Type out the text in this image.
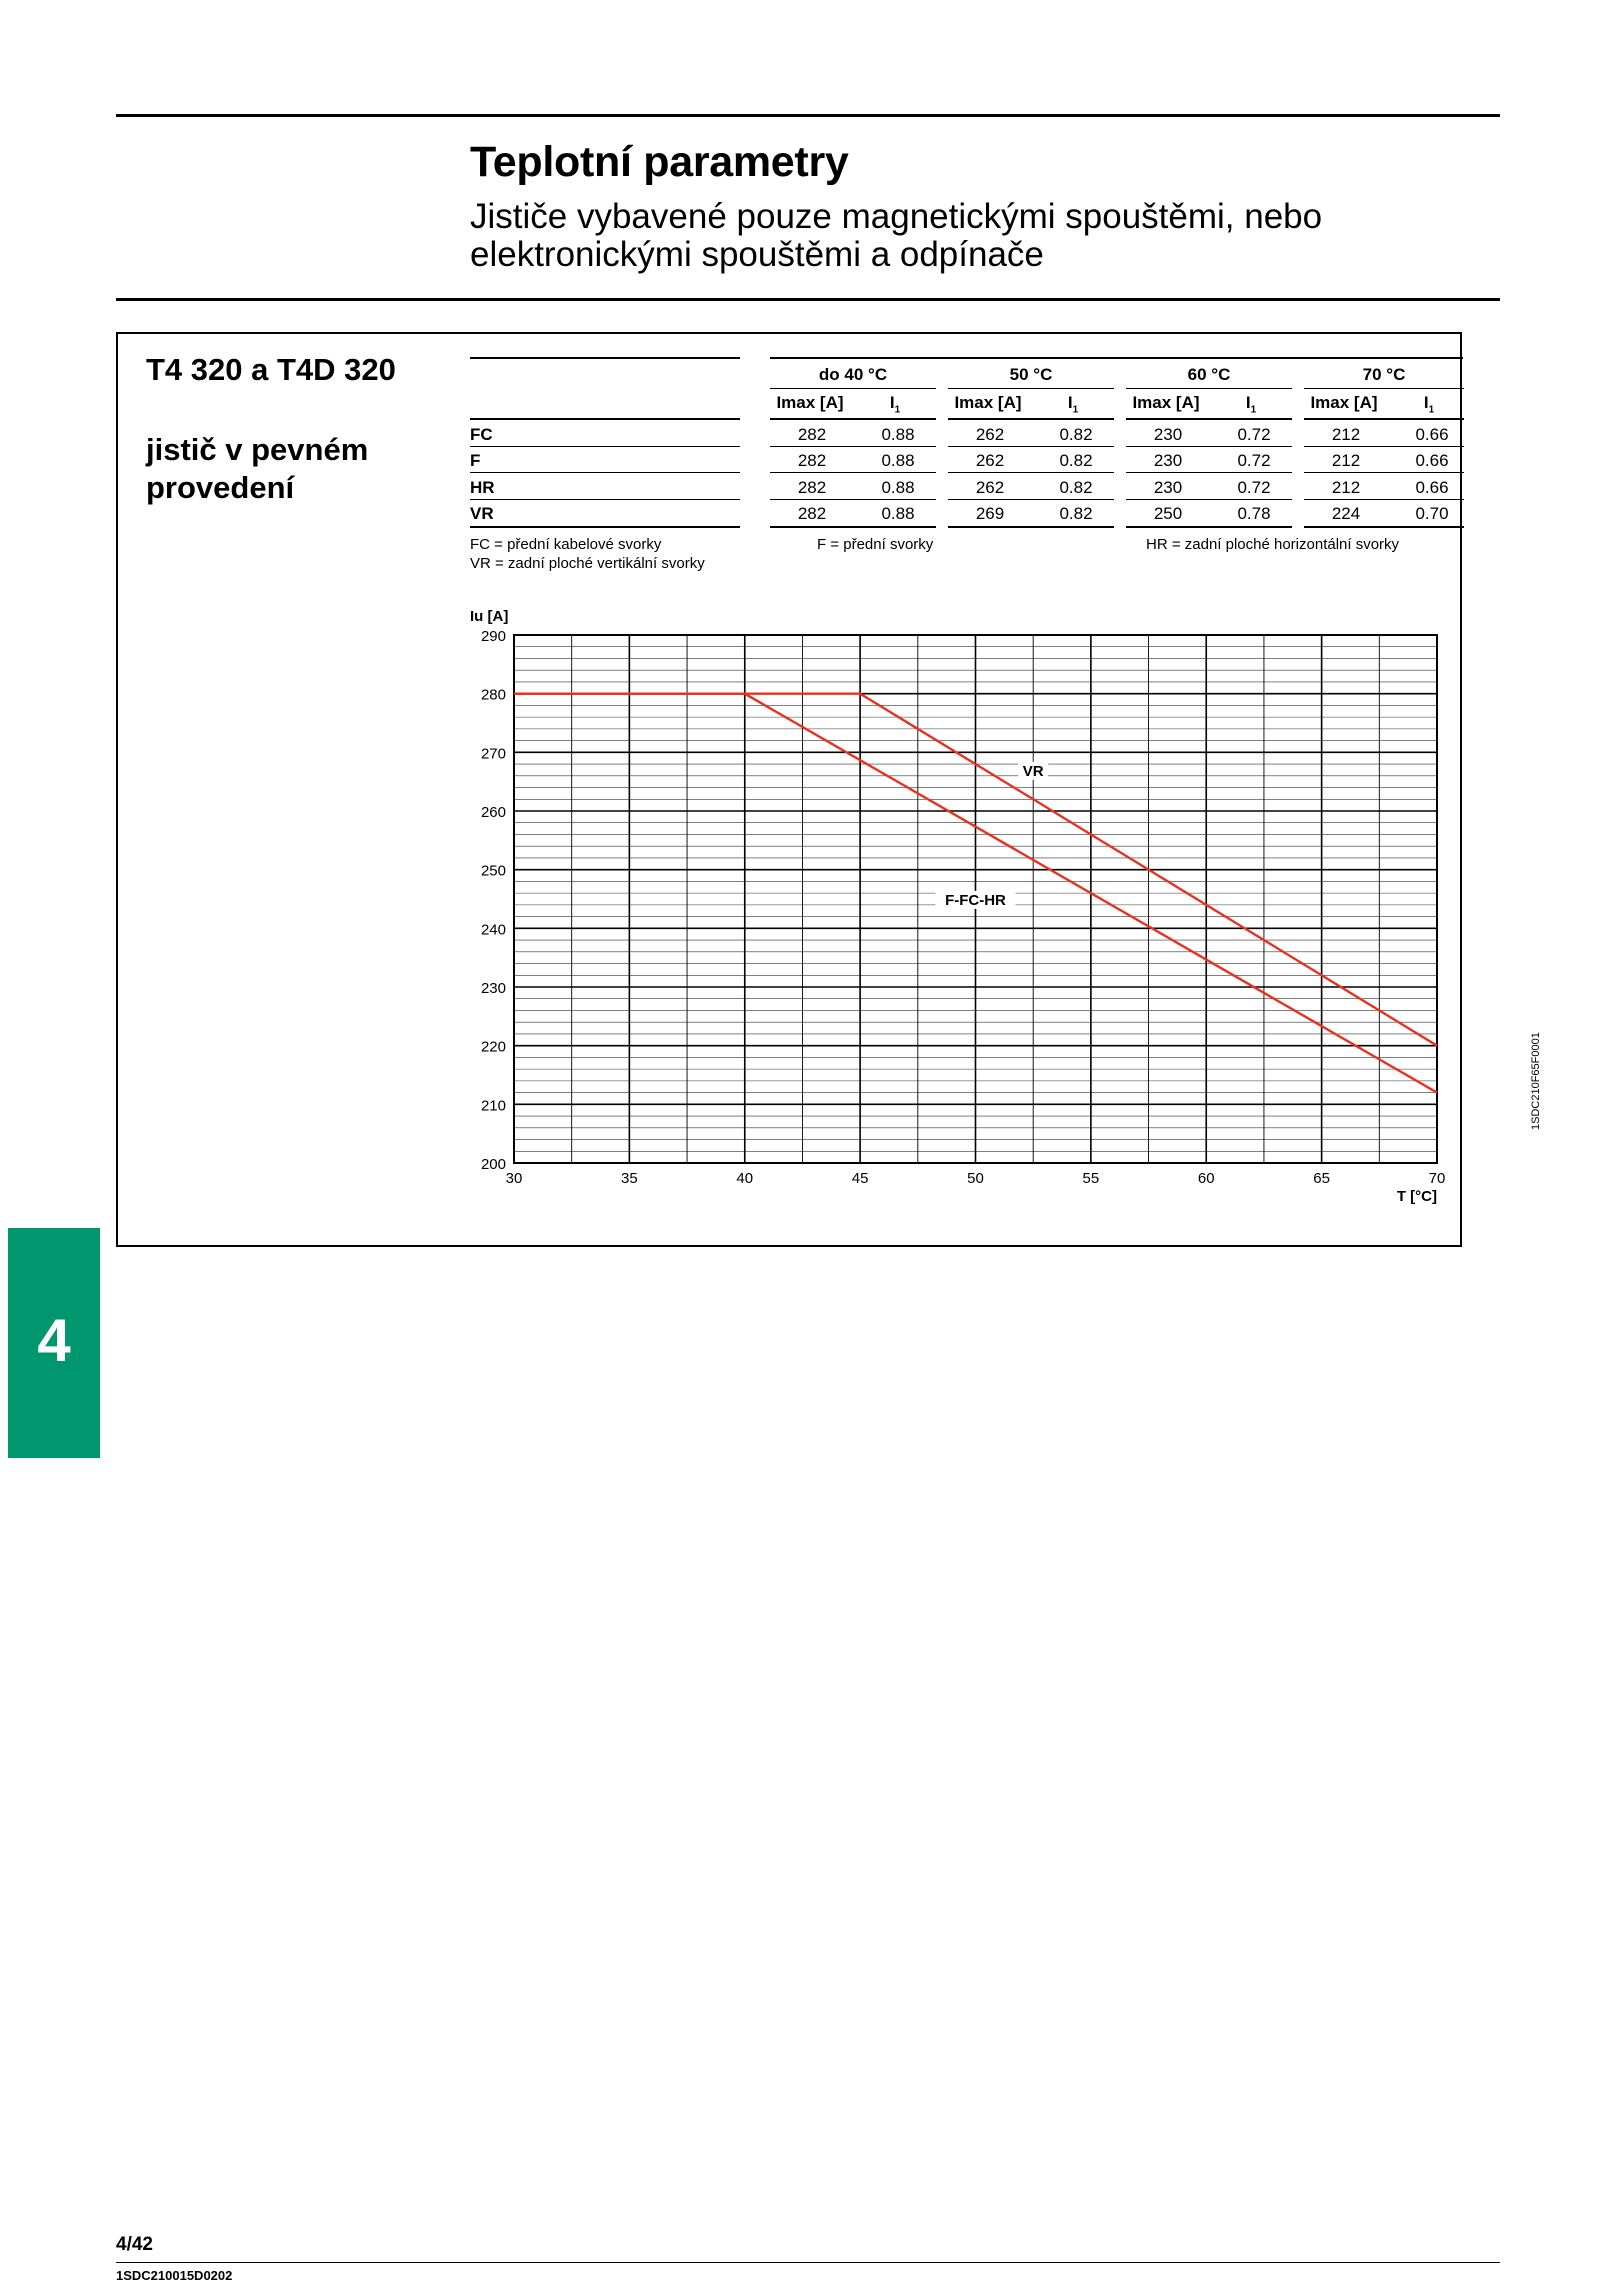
Teplotní parametry
Jističe vybavené pouze magnetickými spouštěmi, nebo elektronickými spouštěmi a odpínače
T4 320 a T4D 320
jistič v pevném
provedení
do 40 °C	50 °C	60 °C	70 °C
Imax [A]	$I_1$	Imax [A]	$I_1$	Imax [A]	$I_1$	Imax [A]	$I_1$
FC	282	0.88	262	0.82	230	0.72	212	0.66
F	282	0.88	262	0.82	230	0.72	212	0.66
HR	282	0.88	262	0.82	230	0.72	212	0.66
VR	282	0.88	269	0.82	250	0.78	224	0.70
FC = přední kabelové svorky
VR = zadní ploché vertikální svorky
F = přední svorky	HR = zadní ploché horizontální svorky
290
280
270
260
250
240
230
220
210
200
30	35	40	45	50	55	60	65	70
Iu [A]
T [°C]
VR
F-FC-HR
1SDC210F65F0001
4
4/42
1SDC210015D0202
